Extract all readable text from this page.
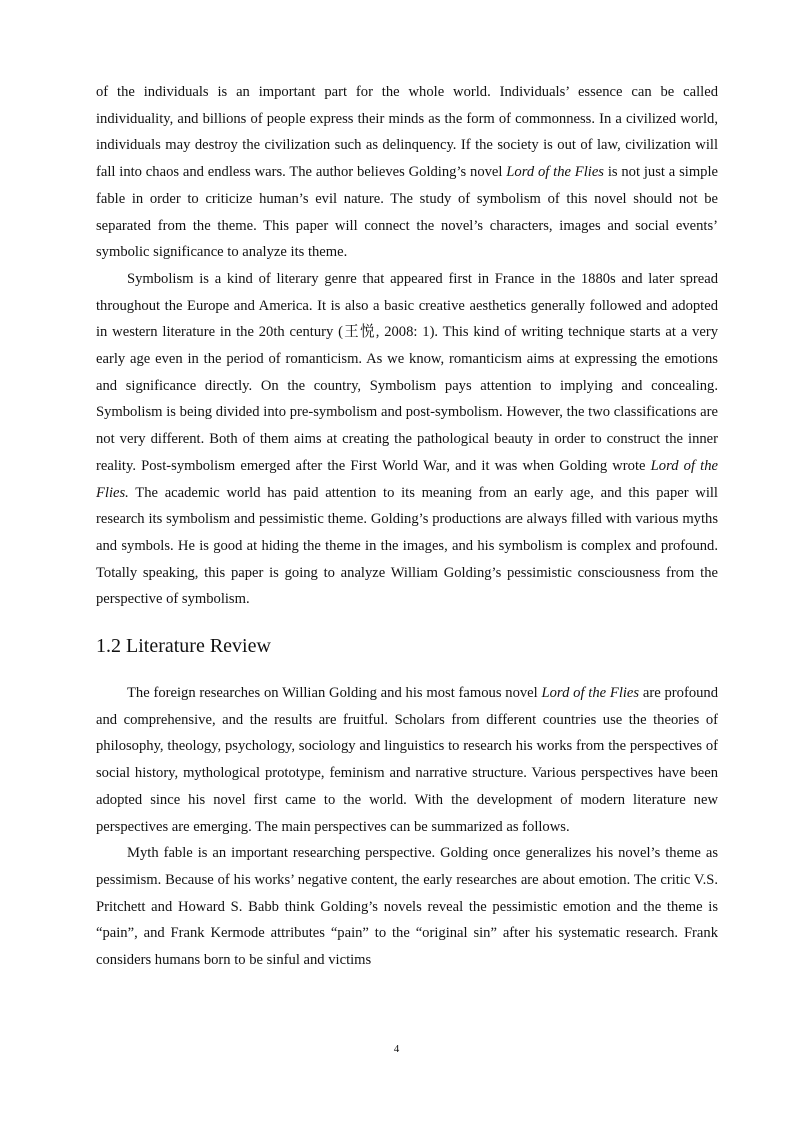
of the individuals is an important part for the whole world. Individuals’ essence can be called individuality, and billions of people express their minds as the form of commonness. In a civilized world, individuals may destroy the civilization such as delinquency. If the society is out of law, civilization will fall into chaos and endless wars. The author believes Golding’s novel Lord of the Flies is not just a simple fable in order to criticize human’s evil nature. The study of symbolism of this novel should not be separated from the theme. This paper will connect the novel’s characters, images and social events’ symbolic significance to analyze its theme.

Symbolism is a kind of literary genre that appeared first in France in the 1880s and later spread throughout the Europe and America. It is also a basic creative aesthetics generally followed and adopted in western literature in the 20th century (王悦, 2008: 1). This kind of writing technique starts at a very early age even in the period of romanticism. As we know, romanticism aims at expressing the emotions and significance directly. On the country, Symbolism pays attention to implying and concealing. Symbolism is being divided into pre-symbolism and post-symbolism. However, the two classifications are not very different. Both of them aims at creating the pathological beauty in order to construct the inner reality. Post-symbolism emerged after the First World War, and it was when Golding wrote Lord of the Flies. The academic world has paid attention to its meaning from an early age, and this paper will research its symbolism and pessimistic theme. Golding’s productions are always filled with various myths and symbols. He is good at hiding the theme in the images, and his symbolism is complex and profound. Totally speaking, this paper is going to analyze William Golding’s pessimistic consciousness from the perspective of symbolism.

1.2 Literature Review

The foreign researches on Willian Golding and his most famous novel Lord of the Flies are profound and comprehensive, and the results are fruitful. Scholars from different countries use the theories of philosophy, theology, psychology, sociology and linguistics to research his works from the perspectives of social history, mythological prototype, feminism and narrative structure. Various perspectives have been adopted since his novel first came to the world. With the development of modern literature new perspectives are emerging. The main perspectives can be summarized as follows.

Myth fable is an important researching perspective. Golding once generalizes his novel’s theme as pessimism. Because of his works’ negative content, the early researches are about emotion. The critic V.S. Pritchett and Howard S. Babb think Golding’s novels reveal the pessimistic emotion and the theme is “pain”, and Frank Kermode attributes “pain” to the “original sin” after his systematic research. Frank considers humans born to be sinful and victims

4
